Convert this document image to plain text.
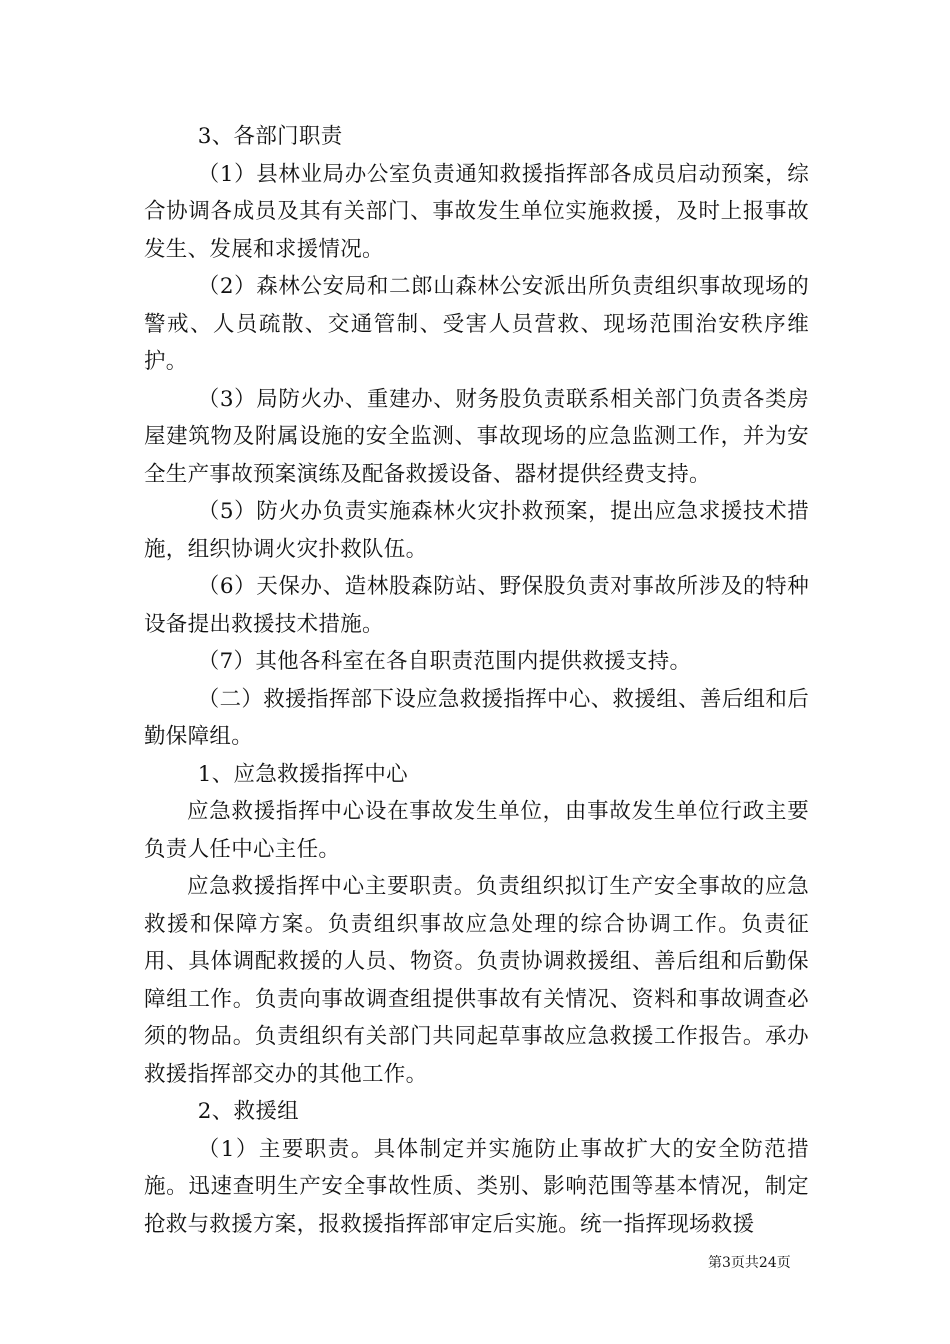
3、各部门职责

（1）县林业局办公室负责通知救援指挥部各成员启动预案，综合协调各成员及其有关部门、事故发生单位实施救援，及时上报事故发生、发展和求援情况。

（2）森林公安局和二郎山森林公安派出所负责组织事故现场的警戒、人员疏散、交通管制、受害人员营救、现场范围治安秩序维护。

（3）局防火办、重建办、财务股负责联系相关部门负责各类房屋建筑物及附属设施的安全监测、事故现场的应急监测工作，并为安全生产事故预案演练及配备救援设备、器材提供经费支持。

（5）防火办负责实施森林火灾扑救预案，提出应急求援技术措施，组织协调火灾扑救队伍。

（6）天保办、造林股森防站、野保股负责对事故所涉及的特种设备提出救援技术措施。

（7）其他各科室在各自职责范围内提供救援支持。

（二）救援指挥部下设应急救援指挥中心、救援组、善后组和后勤保障组。

1、应急救援指挥中心

应急救援指挥中心设在事故发生单位，由事故发生单位行政主要负责人任中心主任。

应急救援指挥中心主要职责。负责组织拟订生产安全事故的应急救援和保障方案。负责组织事故应急处理的综合协调工作。负责征用、具体调配救援的人员、物资。负责协调救援组、善后组和后勤保障组工作。负责向事故调查组提供事故有关情况、资料和事故调查必须的物品。负责组织有关部门共同起草事故应急救援工作报告。承办救援指挥部交办的其他工作。

2、救援组

（1）主要职责。具体制定并实施防止事故扩大的安全防范措施。迅速查明生产安全事故性质、类别、影响范围等基本情况，制定抢救与救援方案，报救援指挥部审定后实施。统一指挥现场救援

第3页共24页
